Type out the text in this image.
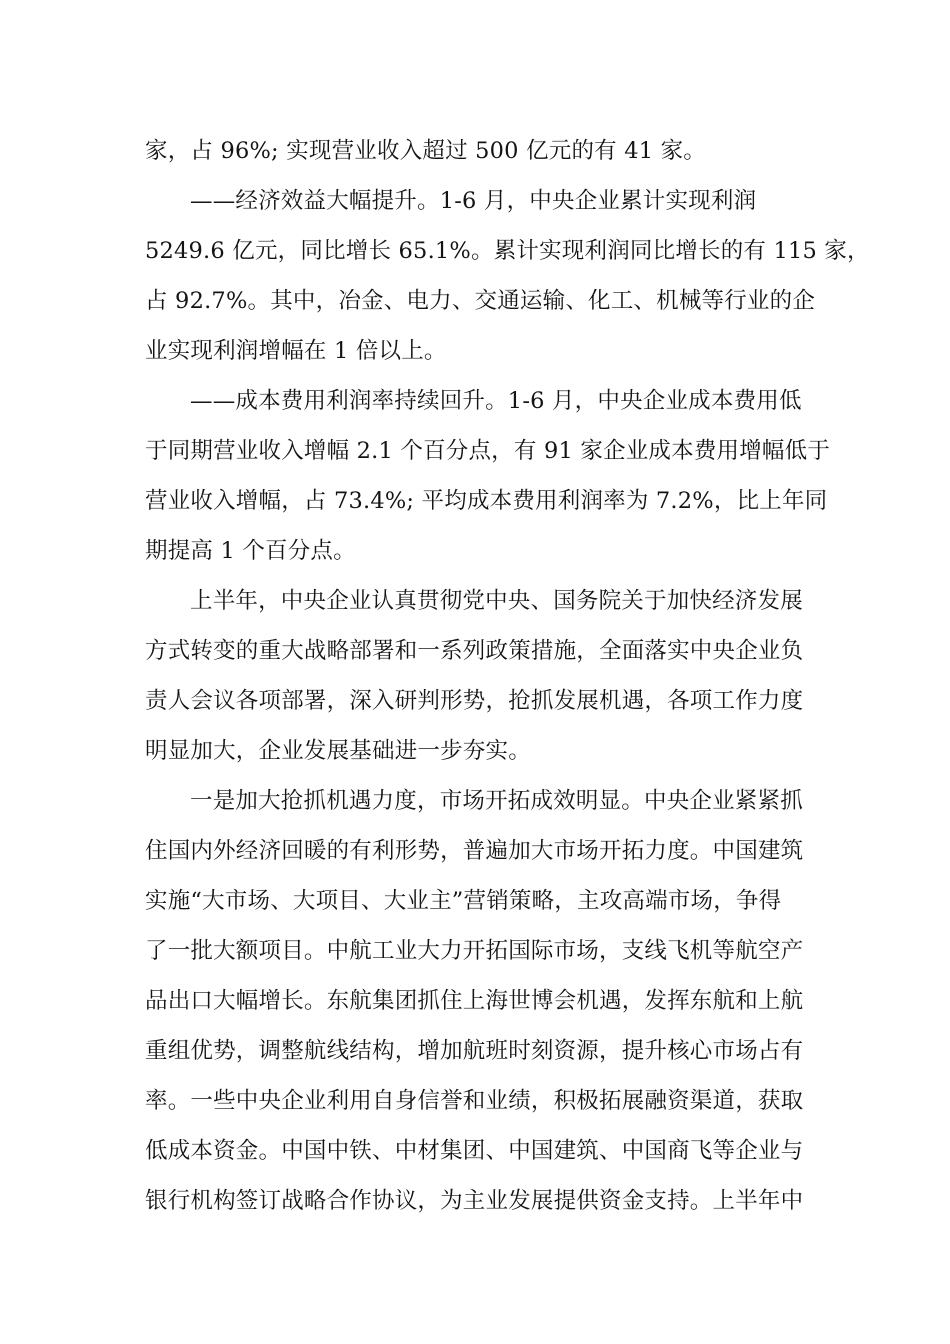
家，占 96%; 实现营业收入超过 500 亿元的有 41 家。
——经济效益大幅提升。1-6 月，中央企业累计实现利润
5249.6 亿元，同比增长 65.1%。累计实现利润同比增长的有 115 家，
占 92.7%。其中，冶金、电力、交通运输、化工、机械等行业的企
业实现利润增幅在 1 倍以上。
——成本费用利润率持续回升。1-6 月，中央企业成本费用低
于同期营业收入增幅 2.1 个百分点，有 91 家企业成本费用增幅低于
营业收入增幅，占 73.4%; 平均成本费用利润率为 7.2%，比上年同
期提高 1 个百分点。
上半年，中央企业认真贯彻党中央、国务院关于加快经济发展
方式转变的重大战略部署和一系列政策措施，全面落实中央企业负
责人会议各项部署，深入研判形势，抢抓发展机遇，各项工作力度
明显加大，企业发展基础进一步夯实。
一是加大抢抓机遇力度，市场开拓成效明显。中央企业紧紧抓
住国内外经济回暖的有利形势，普遍加大市场开拓力度。中国建筑
实施“大市场、大项目、大业主”营销策略，主攻高端市场，争得
了一批大额项目。中航工业大力开拓国际市场，支线飞机等航空产
品出口大幅增长。东航集团抓住上海世博会机遇，发挥东航和上航
重组优势，调整航线结构，增加航班时刻资源，提升核心市场占有
率。一些中央企业利用自身信誉和业绩，积极拓展融资渠道，获取
低成本资金。中国中铁、中材集团、中国建筑、中国商飞等企业与
银行机构签订战略合作协议，为主业发展提供资金支持。上半年中
